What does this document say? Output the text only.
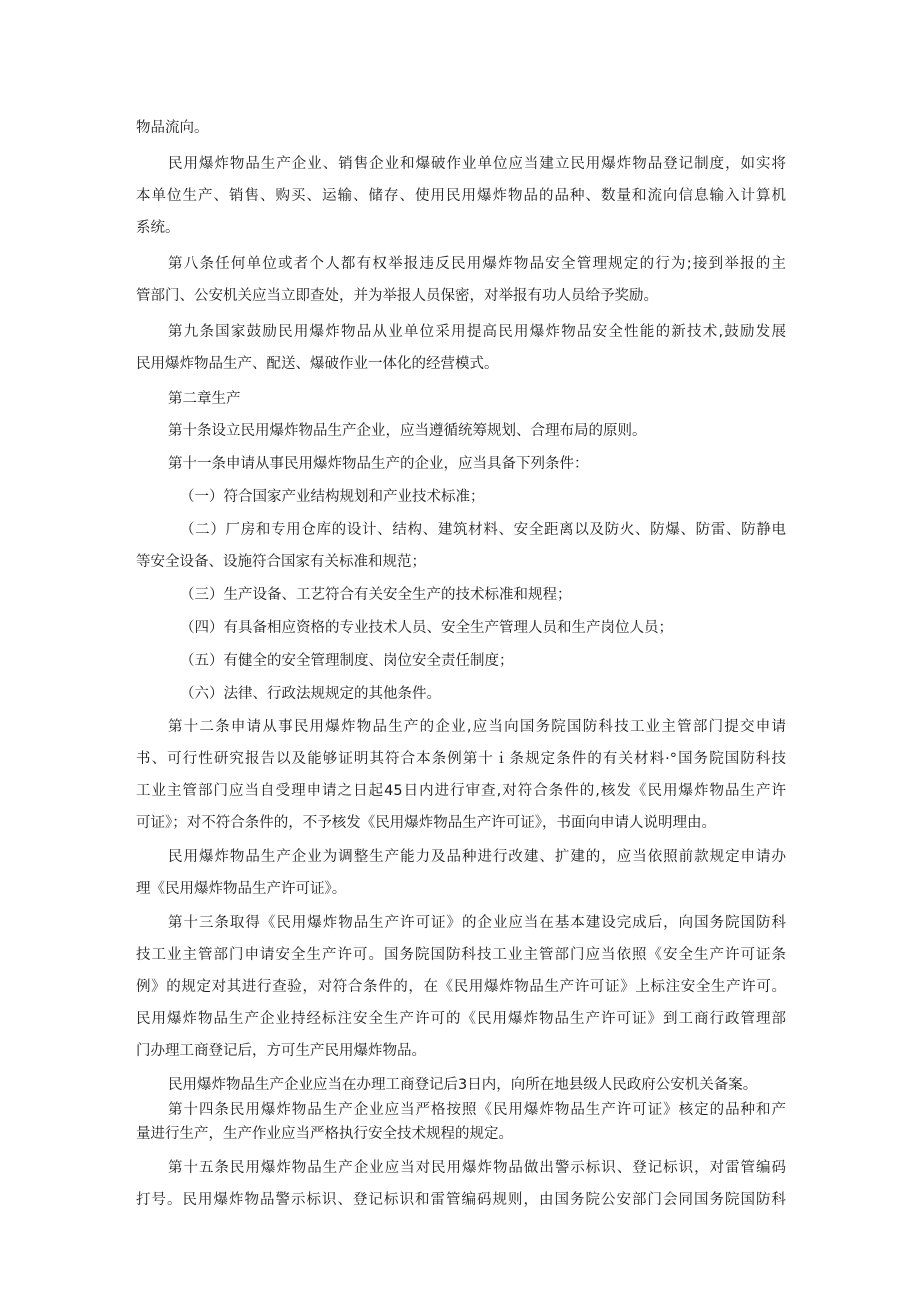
物品流向。
民用爆炸物品生产企业、销售企业和爆破作业单位应当建立民用爆炸物品登记制度，如实将
本单位生产、销售、购买、运输、储存、使用民用爆炸物品的品种、数量和流向信息输入计算机
系统。
第八条任何单位或者个人都有权举报违反民用爆炸物品安全管理规定的行为;接到举报的主
管部门、公安机关应当立即查处，并为举报人员保密，对举报有功人员给予奖励。
第九条国家鼓励民用爆炸物品从业单位采用提高民用爆炸物品安全性能的新技术,鼓励发展
民用爆炸物品生产、配送、爆破作业一体化的经营模式。
第二章生产
第十条设立民用爆炸物品生产企业，应当遵循统筹规划、合理布局的原则。
第十一条申请从事民用爆炸物品生产的企业，应当具备下列条件：
（一）符合国家产业结构规划和产业技术标准；
（二）厂房和专用仓库的设计、结构、建筑材料、安全距离以及防火、防爆、防雷、防静电
等安全设备、设施符合国家有关标准和规范；
（三）生产设备、工艺符合有关安全生产的技术标准和规程；
（四）有具备相应资格的专业技术人员、安全生产管理人员和生产岗位人员；
（五）有健全的安全管理制度、岗位安全责任制度；
（六）法律、行政法规规定的其他条件。
第十二条申请从事民用爆炸物品生产的企业,应当向国务院国防科技工业主管部门提交申请
书、可行性研究报告以及能够证明其符合本条例第十ｉ条规定条件的有关材料·°国务院国防科技
工业主管部门应当自受理申请之日起45日内进行审查,对符合条件的,核发《民用爆炸物品生产许
可证》；对不符合条件的，不予核发《民用爆炸物品生产许可证》，书面向申请人说明理由。
民用爆炸物品生产企业为调整生产能力及品种进行改建、扩建的，应当依照前款规定申请办
理《民用爆炸物品生产许可证》。
第十三条取得《民用爆炸物品生产许可证》的企业应当在基本建设完成后，向国务院国防科
技工业主管部门申请安全生产许可。国务院国防科技工业主管部门应当依照《安全生产许可证条
例》的规定对其进行查验，对符合条件的，在《民用爆炸物品生产许可证》上标注安全生产许可。
民用爆炸物品生产企业持经标注安全生产许可的《民用爆炸物品生产许可证》到工商行政管理部
门办理工商登记后，方可生产民用爆炸物品。
民用爆炸物品生产企业应当在办理工商登记后3日内，向所在地县级人民政府公安机关备案。
第十四条民用爆炸物品生产企业应当严格按照《民用爆炸物品生产许可证》核定的品种和产
量进行生产，生产作业应当严格执行安全技术规程的规定。
第十五条民用爆炸物品生产企业应当对民用爆炸物品做出警示标识、登记标识，对雷管编码
打号。民用爆炸物品警示标识、登记标识和雷管编码规则，由国务院公安部门会同国务院国防科
